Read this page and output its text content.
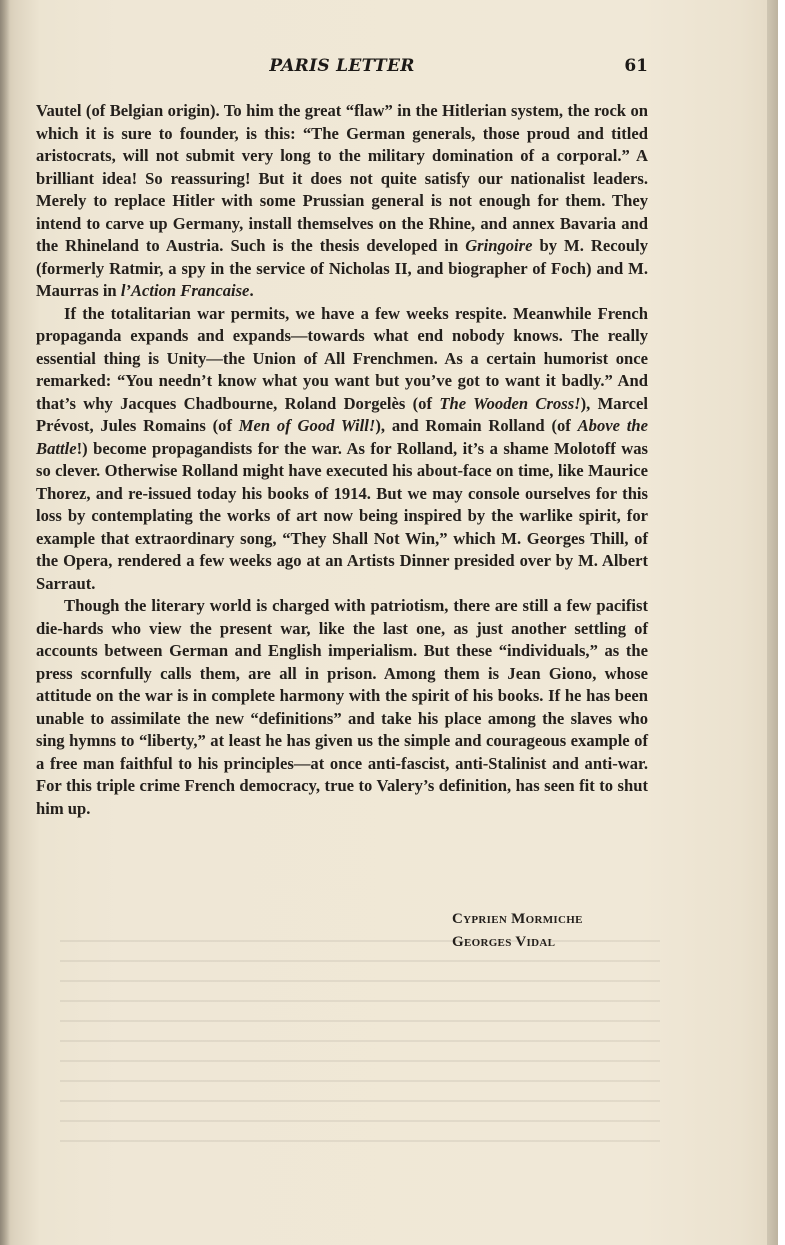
PARIS LETTER	61

Vautel (of Belgian origin). To him the great “flaw” in the Hitlerian system, the rock on which it is sure to founder, is this: “The German generals, those proud and titled aristocrats, will not submit very long to the military domination of a corporal.” A brilliant idea! So reassuring! But it does not quite satisfy our nationalist leaders. Merely to replace Hitler with some Prussian general is not enough for them. They intend to carve up Germany, install themselves on the Rhine, and annex Bavaria and the Rhineland to Austria. Such is the thesis developed in Gringoire by M. Recouly (formerly Ratmir, a spy in the service of Nicholas II, and biographer of Foch) and M. Maurras in l’Action Francaise.

If the totalitarian war permits, we have a few weeks respite. Meanwhile French propaganda expands and expands—towards what end nobody knows. The really essential thing is Unity—the Union of All Frenchmen. As a certain humorist once remarked: “You needn’t know what you want but you’ve got to want it badly.” And that’s why Jacques Chadbourne, Roland Dorgelès (of The Wooden Cross!), Marcel Prévost, Jules Romains (of Men of Good Will!), and Romain Rolland (of Above the Battle!) become propagandists for the war. As for Rolland, it’s a shame Molotoff was so clever. Otherwise Rolland might have executed his about-face on time, like Maurice Thorez, and re-issued today his books of 1914. But we may console ourselves for this loss by contemplating the works of art now being inspired by the warlike spirit, for example that extraordinary song, “They Shall Not Win,” which M. Georges Thill, of the Opera, rendered a few weeks ago at an Artists Dinner presided over by M. Albert Sarraut.

Though the literary world is charged with patriotism, there are still a few pacifist die-hards who view the present war, like the last one, as just another settling of accounts between German and English imperialism. But these “individuals,” as the press scornfully calls them, are all in prison. Among them is Jean Giono, whose attitude on the war is in complete harmony with the spirit of his books. If he has been unable to assimilate the new “definitions” and take his place among the slaves who sing hymns to “liberty,” at least he has given us the simple and courageous example of a free man faithful to his principles—at once anti-fascist, anti-Stalinist and anti-war. For this triple crime French democracy, true to Valery’s definition, has seen fit to shut him up.

Cyprien Mormiche
Georges Vidal
